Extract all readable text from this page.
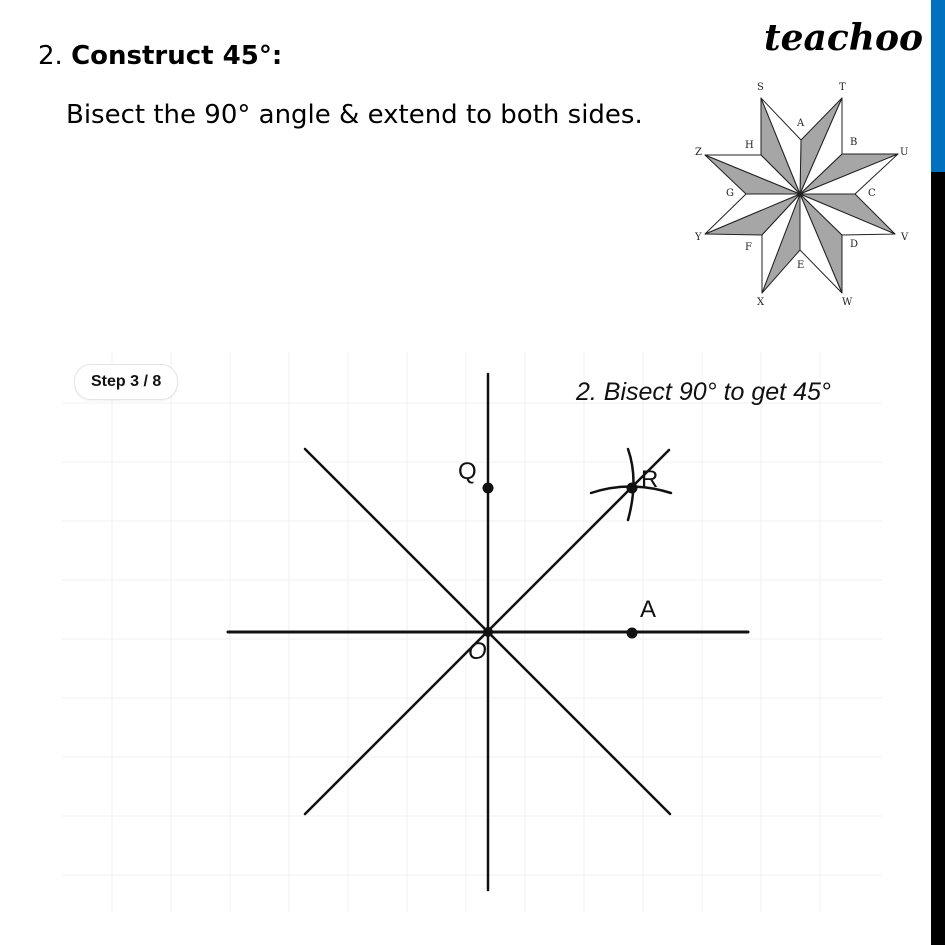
2. Construct 45°:
Bisect the 90° angle & extend to both sides.
teachoo
S	T
U
V
W
X
Y
Z
A
B
C
D
E
F
G
H
Step 3 / 8	2. Bisect 90° to get 45°
Q	R
A
O
